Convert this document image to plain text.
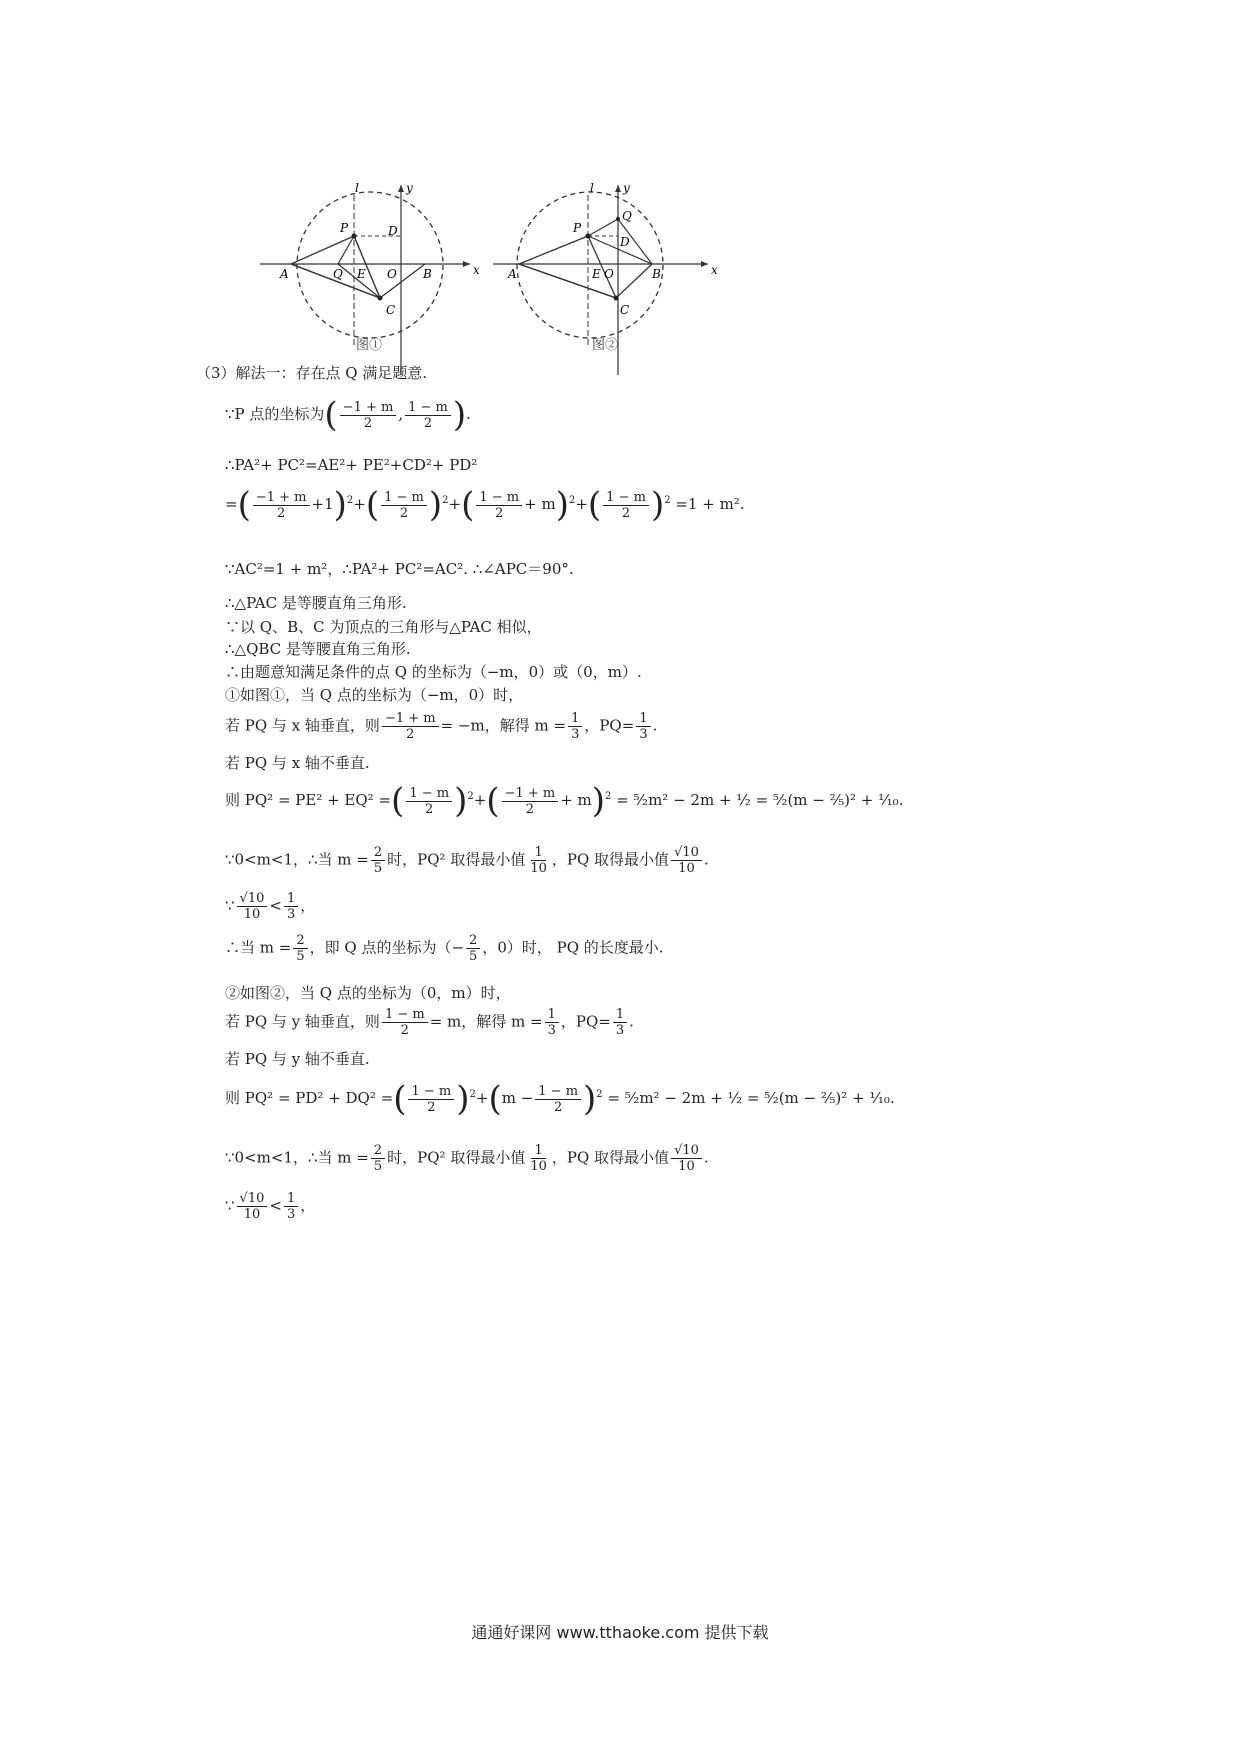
l	y
x
P	D
A	Q E O B
C
图①
l y
x
P
Q
D
A	E O	B
C
图②
（3）解法一：存在点 Q 满足题意.
∵P 点的坐标为( $\frac{-1 + m}{2}$ , $\frac{1 - m}{2}$ ).
∴PA²+ PC²=AE²+ PE²+CD²+ PD²
=( $\frac{-1 + m}{2} +1)^2+( \frac{1 - m}{2} )^2+( \frac{1 - m}{2} + m)^2+( \frac{1 - m}{2} )^2 =1 + m^2$.
∵AC²=1 + m²，∴PA²+ PC²=AC². ∴∠APC＝90°.
∴△PAC 是等腰直角三角形.
∵以 Q、B、C 为顶点的三角形与△PAC 相似，
∴△QBC 是等腰直角三角形.
∴由题意知满足条件的点 Q 的坐标为（−m，0）或（0，m）.
①如图①，当 Q 点的坐标为（−m，0）时，
若 PQ 与 x 轴垂直，则 $\frac{-1 + m}{2} = -m$，解得 $m = \frac{1}{3}$ ，$PQ= \frac{1}{3}$ .
若 PQ 与 x 轴不垂直.
则 PQ² = PE² + EQ² =( $\frac{1 - m}{2} )^2+( \frac{-1 + m}{2} + m)^2$ = ⁵⁄₂m² − 2m + ½ = ⁵⁄₂(m − ⅖)² + ¹⁄₁₀.
∵0<m<1，∴当 $m = \frac{2}{5}$ 时，PQ² 取得最小值 $\frac{1}{10}$ ，PQ 取得最小值 $\frac{√10}{10}$ .
∵ $\frac{√10}{10} < \frac{1}{3}$ ，
∴当 $m = \frac{2}{5}$ ，即 Q 点的坐标为（− $\frac{2}{5}$ ，0）时， PQ 的长度最小.
②如图②，当 Q 点的坐标为（0，m）时，
若 PQ 与 y 轴垂直，则 $\frac{1 - m}{2} = m$，解得 $m = \frac{1}{3}$ ，$PQ= \frac{1}{3}$ .
若 PQ 与 y 轴不垂直.
则 PQ² = PD² + DQ² =( $\frac{1 - m}{2} )^2+(m - \frac{1 - m}{2} )^2$ = ⁵⁄₂m² − 2m + ½ = ⁵⁄₂(m − ⅖)² + ¹⁄₁₀.
∵0<m<1，∴当 $m = \frac{2}{5}$ 时，PQ² 取得最小值 $\frac{1}{10}$ ，PQ 取得最小值 $\frac{√10}{10}$ .
∵ $\frac{√10}{10} < \frac{1}{3}$ ，
通通好课网 www.tthaoke.com 提供下载
